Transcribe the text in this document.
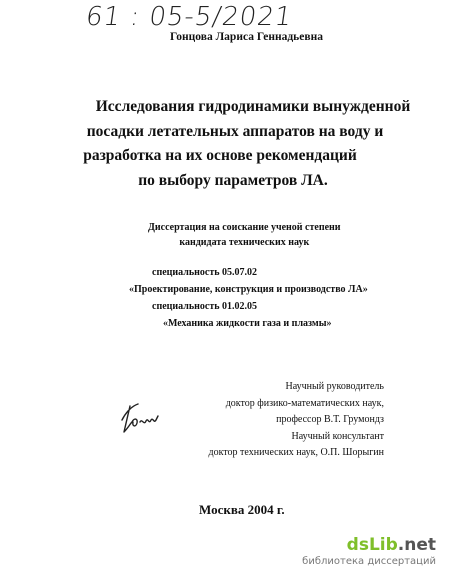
61 : 05-5/2021
Гонцова Лариса Геннадьевна
Исследования гидродинамики вынужденной
посадки летательных аппаратов на воду и
разработка на их основе рекомендаций
по выбору параметров ЛА.
Диссертация на соискание ученой степени
кандидата технических наук
специальность 05.07.02
«Проектирование, конструкция и производство ЛА»
специальность 01.02.05
«Механика жидкости газа и плазмы»
Научный руководитель
доктор физико-математических наук,
профессор В.Т. Грумондз
Научный консультант
доктор технических наук, О.П. Шорыгин
Москва 2004 г.
dsLib.net
библиотека диссертаций
